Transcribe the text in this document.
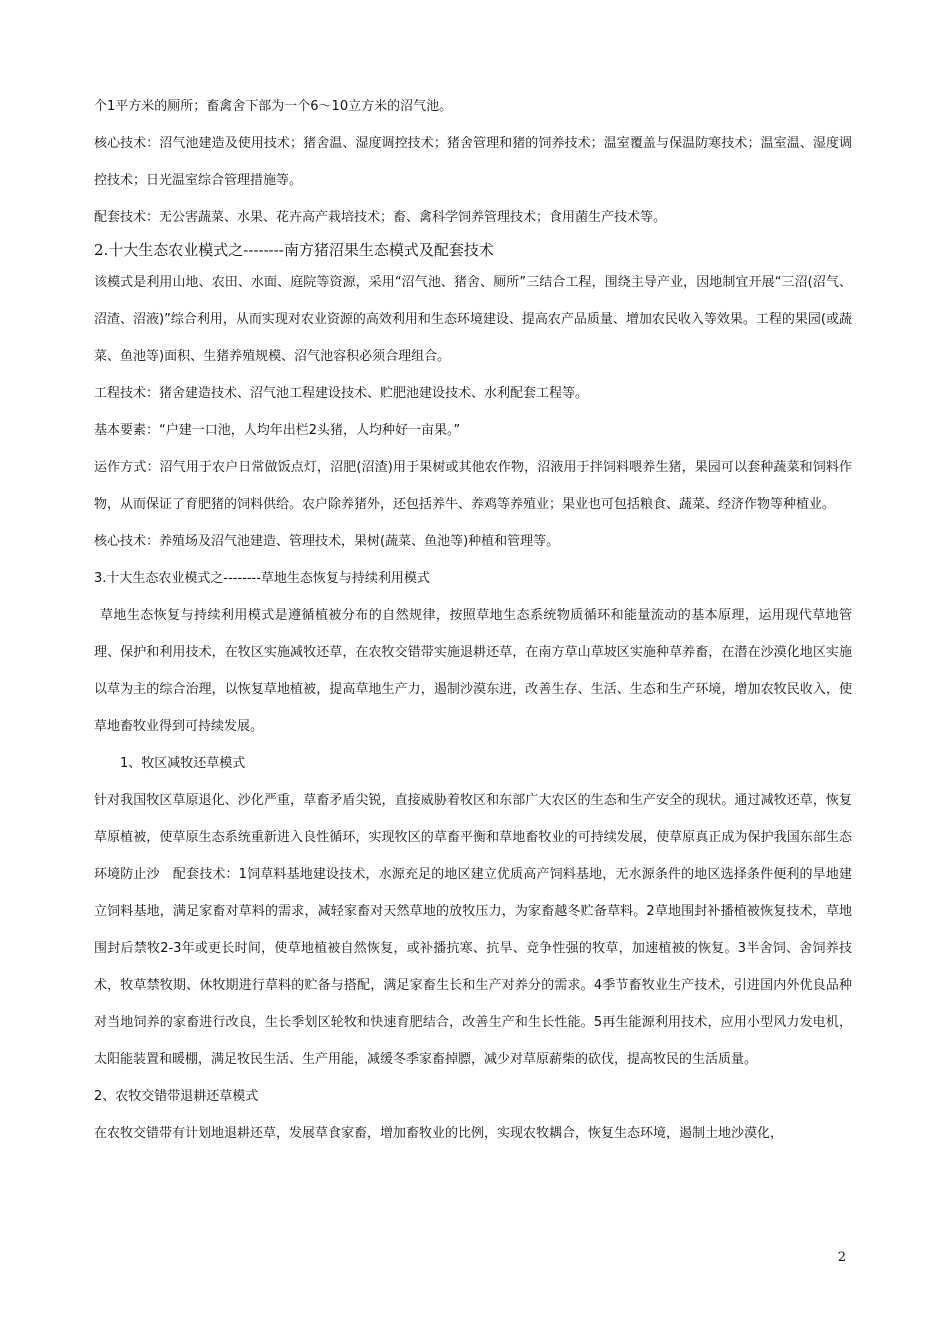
个1平方米的厕所；畜禽舍下部为一个6～10立方米的沼气池。

核心技术：沼气池建造及使用技术；猪舍温、湿度调控技术；猪舍管理和猪的饲养技术；温室覆盖与保温防寒技术；温室温、湿度调控技术；日光温室综合管理措施等。

配套技术：无公害蔬菜、水果、花卉高产栽培技术；畜、禽科学饲养管理技术；食用菌生产技术等。

2.十大生态农业模式之--------南方猪沼果生态模式及配套技术

该模式是利用山地、农田、水面、庭院等资源，采用“沼气池、猪舍、厕所”三结合工程，围绕主导产业，因地制宜开展“三沼(沼气、沼渣、沼液)”综合利用，从而实现对农业资源的高效利用和生态环境建设、提高农产品质量、增加农民收入等效果。工程的果园(或蔬菜、鱼池等)面积、生猪养殖规模、沼气池容积必须合理组合。

工程技术：猪舍建造技术、沼气池工程建设技术、贮肥池建设技术、水利配套工程等。

基本要素：“户建一口池，人均年出栏2头猪，人均种好一亩果。”

运作方式：沼气用于农户日常做饭点灯，沼肥(沼渣)用于果树或其他农作物，沼液用于拌饲料喂养生猪，果园可以套种蔬菜和饲料作物，从而保证了育肥猪的饲料供给。农户除养猪外，还包括养牛、养鸡等养殖业；果业也可包括粮食、蔬菜、经济作物等种植业。

核心技术：养殖场及沼气池建造、管理技术，果树(蔬菜、鱼池等)种植和管理等。

3.十大生态农业模式之--------草地生态恢复与持续利用模式

草地生态恢复与持续利用模式是遵循植被分布的自然规律，按照草地生态系统物质循环和能量流动的基本原理，运用现代草地管理、保护和利用技术，在牧区实施减牧还草，在农牧交错带实施退耕还草，在南方草山草坡区实施种草养畜，在潜在沙漠化地区实施以草为主的综合治理，以恢复草地植被，提高草地生产力，遏制沙漠东进，改善生存、生活、生态和生产环境，增加农牧民收入，使草地畜牧业得到可持续发展。

1、牧区减牧还草模式

针对我国牧区草原退化、沙化严重，草畜矛盾尖锐，直接威胁着牧区和东部广大农区的生态和生产安全的现状。通过减牧还草，恢复草原植被，使草原生态系统重新进入良性循环，实现牧区的草畜平衡和草地畜牧业的可持续发展，使草原真正成为保护我国东部生态环境防止沙　配套技术：1饲草料基地建设技术，水源充足的地区建立优质高产饲料基地，无水源条件的地区选择条件便利的旱地建立饲料基地，满足家畜对草料的需求，减轻家畜对天然草地的放牧压力，为家畜越冬贮备草料。2草地围封补播植被恢复技术，草地围封后禁牧2-3年或更长时间，使草地植被自然恢复，或补播抗寒、抗旱、竞争性强的牧草，加速植被的恢复。3半舍饲、舍饲养技术，牧草禁牧期、休牧期进行草料的贮备与搭配，满足家畜生长和生产对养分的需求。4季节畜牧业生产技术，引进国内外优良品种对当地饲养的家畜进行改良，生长季划区轮牧和快速育肥结合，改善生产和生长性能。5再生能源利用技术，应用小型风力发电机，太阳能装置和暖棚，满足牧民生活、生产用能，减缓冬季家畜掉膘，减少对草原薪柴的砍伐，提高牧民的生活质量。

2、农牧交错带退耕还草模式

在农牧交错带有计划地退耕还草，发展草食家畜，增加畜牧业的比例，实现农牧耦合，恢复生态环境，遏制土地沙漠化，

2
